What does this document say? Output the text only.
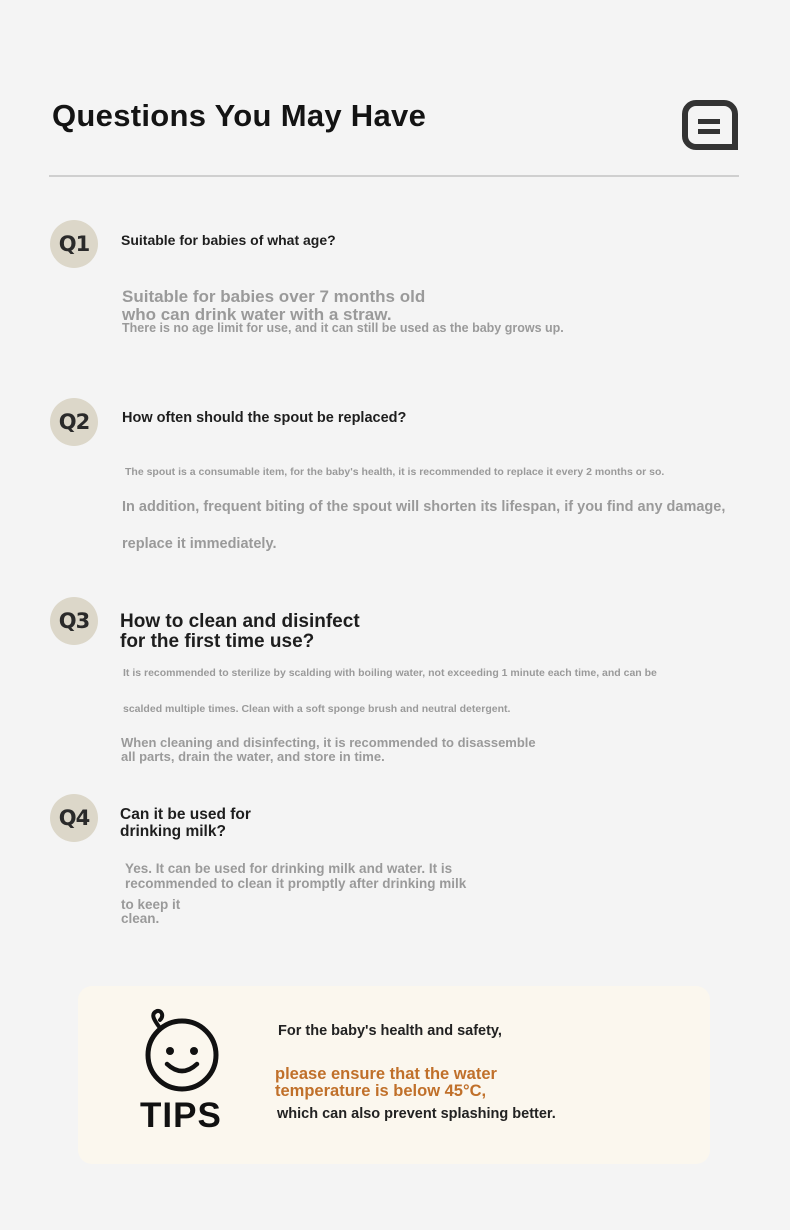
Questions You May Have
Q1	Suitable for babies of what age?
Suitable for babies over 7 months old
who can drink water with a straw.
There is no age limit for use, and it can still be used as the baby grows up.
Q2	How often should the spout be replaced?
The spout is a consumable item, for the baby's health, it is recommended to replace it every 2 months or so.
In addition, frequent biting of the spout will shorten its lifespan, if you find any damage,
replace it immediately.
Q3	How to clean and disinfect
for the first time use?
It is recommended to sterilize by scalding with boiling water, not exceeding 1 minute each time, and can be
scalded multiple times. Clean with a soft sponge brush and neutral detergent.
When cleaning and disinfecting, it is recommended to disassemble
all parts, drain the water, and store in time.
Q4	Can it be used for
drinking milk?
Yes. It can be used for drinking milk and water. It is
recommended to clean it promptly after drinking milk
to keep it
clean.
TIPS
For the baby's health and safety,
please ensure that the water
temperature is below 45°C,
which can also prevent splashing better.
